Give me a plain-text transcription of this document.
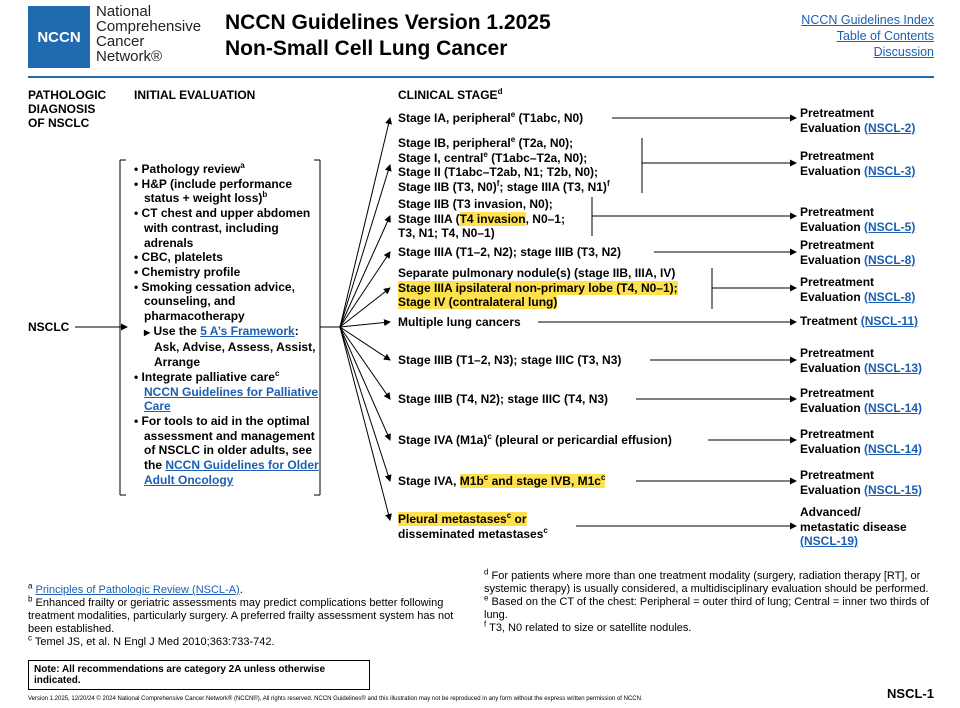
NCCN
National
Comprehensive
Cancer
Network®
NCCN Guidelines Version 1.2025
Non-Small Cell Lung Cancer
NCCN Guidelines Index
Table of Contents
Discussion
PATHOLOGIC
DIAGNOSIS
OF NSCLC
INITIAL EVALUATION	CLINICAL STAGE$^d$
NSCLC
• Pathology review$^a$
• H&P (include performance status + weight loss)$^b$
• CT chest and upper abdomen with contrast, including adrenals
• CBC, platelets
• Chemistry profile
• Smoking cessation advice, counseling, and pharmacotherapy
▶ Use the 5 A’s Framework: Ask, Advise, Assess, Assist, Arrange
• Integrate palliative care$^c$
NCCN Guidelines for Palliative Care
• For tools to aid in the optimal assessment and management of NSCLC in older adults, see the NCCN Guidelines for Older Adult Oncology
Stage IA, peripheral$^e$ (T1abc, N0)
Stage IB, peripheral$^e$ (T2a, N0);
Stage I, central$^e$ (T1abc–T2a, N0);
Stage II (T1abc–T2ab, N1; T2b, N0);
Stage IIB (T3, N0)$^f$; stage IIIA (T3, N1)$^f$
Stage IIB (T3 invasion, N0);
Stage IIIA (T4 invasion, N0–1;
T3, N1; T4, N0–1)
Stage IIIA (T1–2, N2); stage IIIB (T3, N2)
Separate pulmonary nodule(s) (stage IIB, IIIA, IV)
Stage IIIA ipsilateral non-primary lobe (T4, N0–1);
Stage IV (contralateral lung)
Multiple lung cancers
Stage IIIB (T1–2, N3); stage IIIC (T3, N3)
Stage IIIB (T4, N2); stage IIIC (T4, N3)
Stage IVA $(M1a)^c$ (pleural or pericardial effusion)
Stage IVA, $M1b^c$ and stage IVB, $M1c^c$
Pleural metastases$^c$ or
disseminated metastases$^c$
Pretreatment
Evaluation (NSCL-2)
Pretreatment
Evaluation (NSCL-3)
Pretreatment
Evaluation (NSCL-5)
Pretreatment
Evaluation (NSCL-8)
Pretreatment
Evaluation (NSCL-8)
Treatment (NSCL-11)
Pretreatment
Evaluation (NSCL-13)
Pretreatment
Evaluation (NSCL-14)
Pretreatment
Evaluation (NSCL-14)
Pretreatment
Evaluation (NSCL-15)
Advanced/
metastatic disease
(NSCL-19)
$^a$ Principles of Pathologic Review (NSCL-A).
$^b$ Enhanced frailty or geriatric assessments may predict complications better following treatment modalities, particularly surgery. A preferred frailty assessment system has not been established.
$^c$ Temel JS, et al. N Engl J Med 2010;363:733-742.
$^d$ For patients where more than one treatment modality (surgery, radiation therapy [RT], or systemic therapy) is usually considered, a multidisciplinary evaluation should be performed.
$^e$ Based on the CT of the chest: Peripheral = outer third of lung; Central = inner two thirds of lung.
$^f$ T3, N0 related to size or satellite nodules.
Note: All recommendations are category 2A unless otherwise indicated.
Version 1.2025, 12/20/24 © 2024 National Comprehensive Cancer Network® (NCCN®), All rights reserved. NCCN Guidelines® and this illustration may not be reproduced in any form without the express written permission of NCCN.	NSCL-1
